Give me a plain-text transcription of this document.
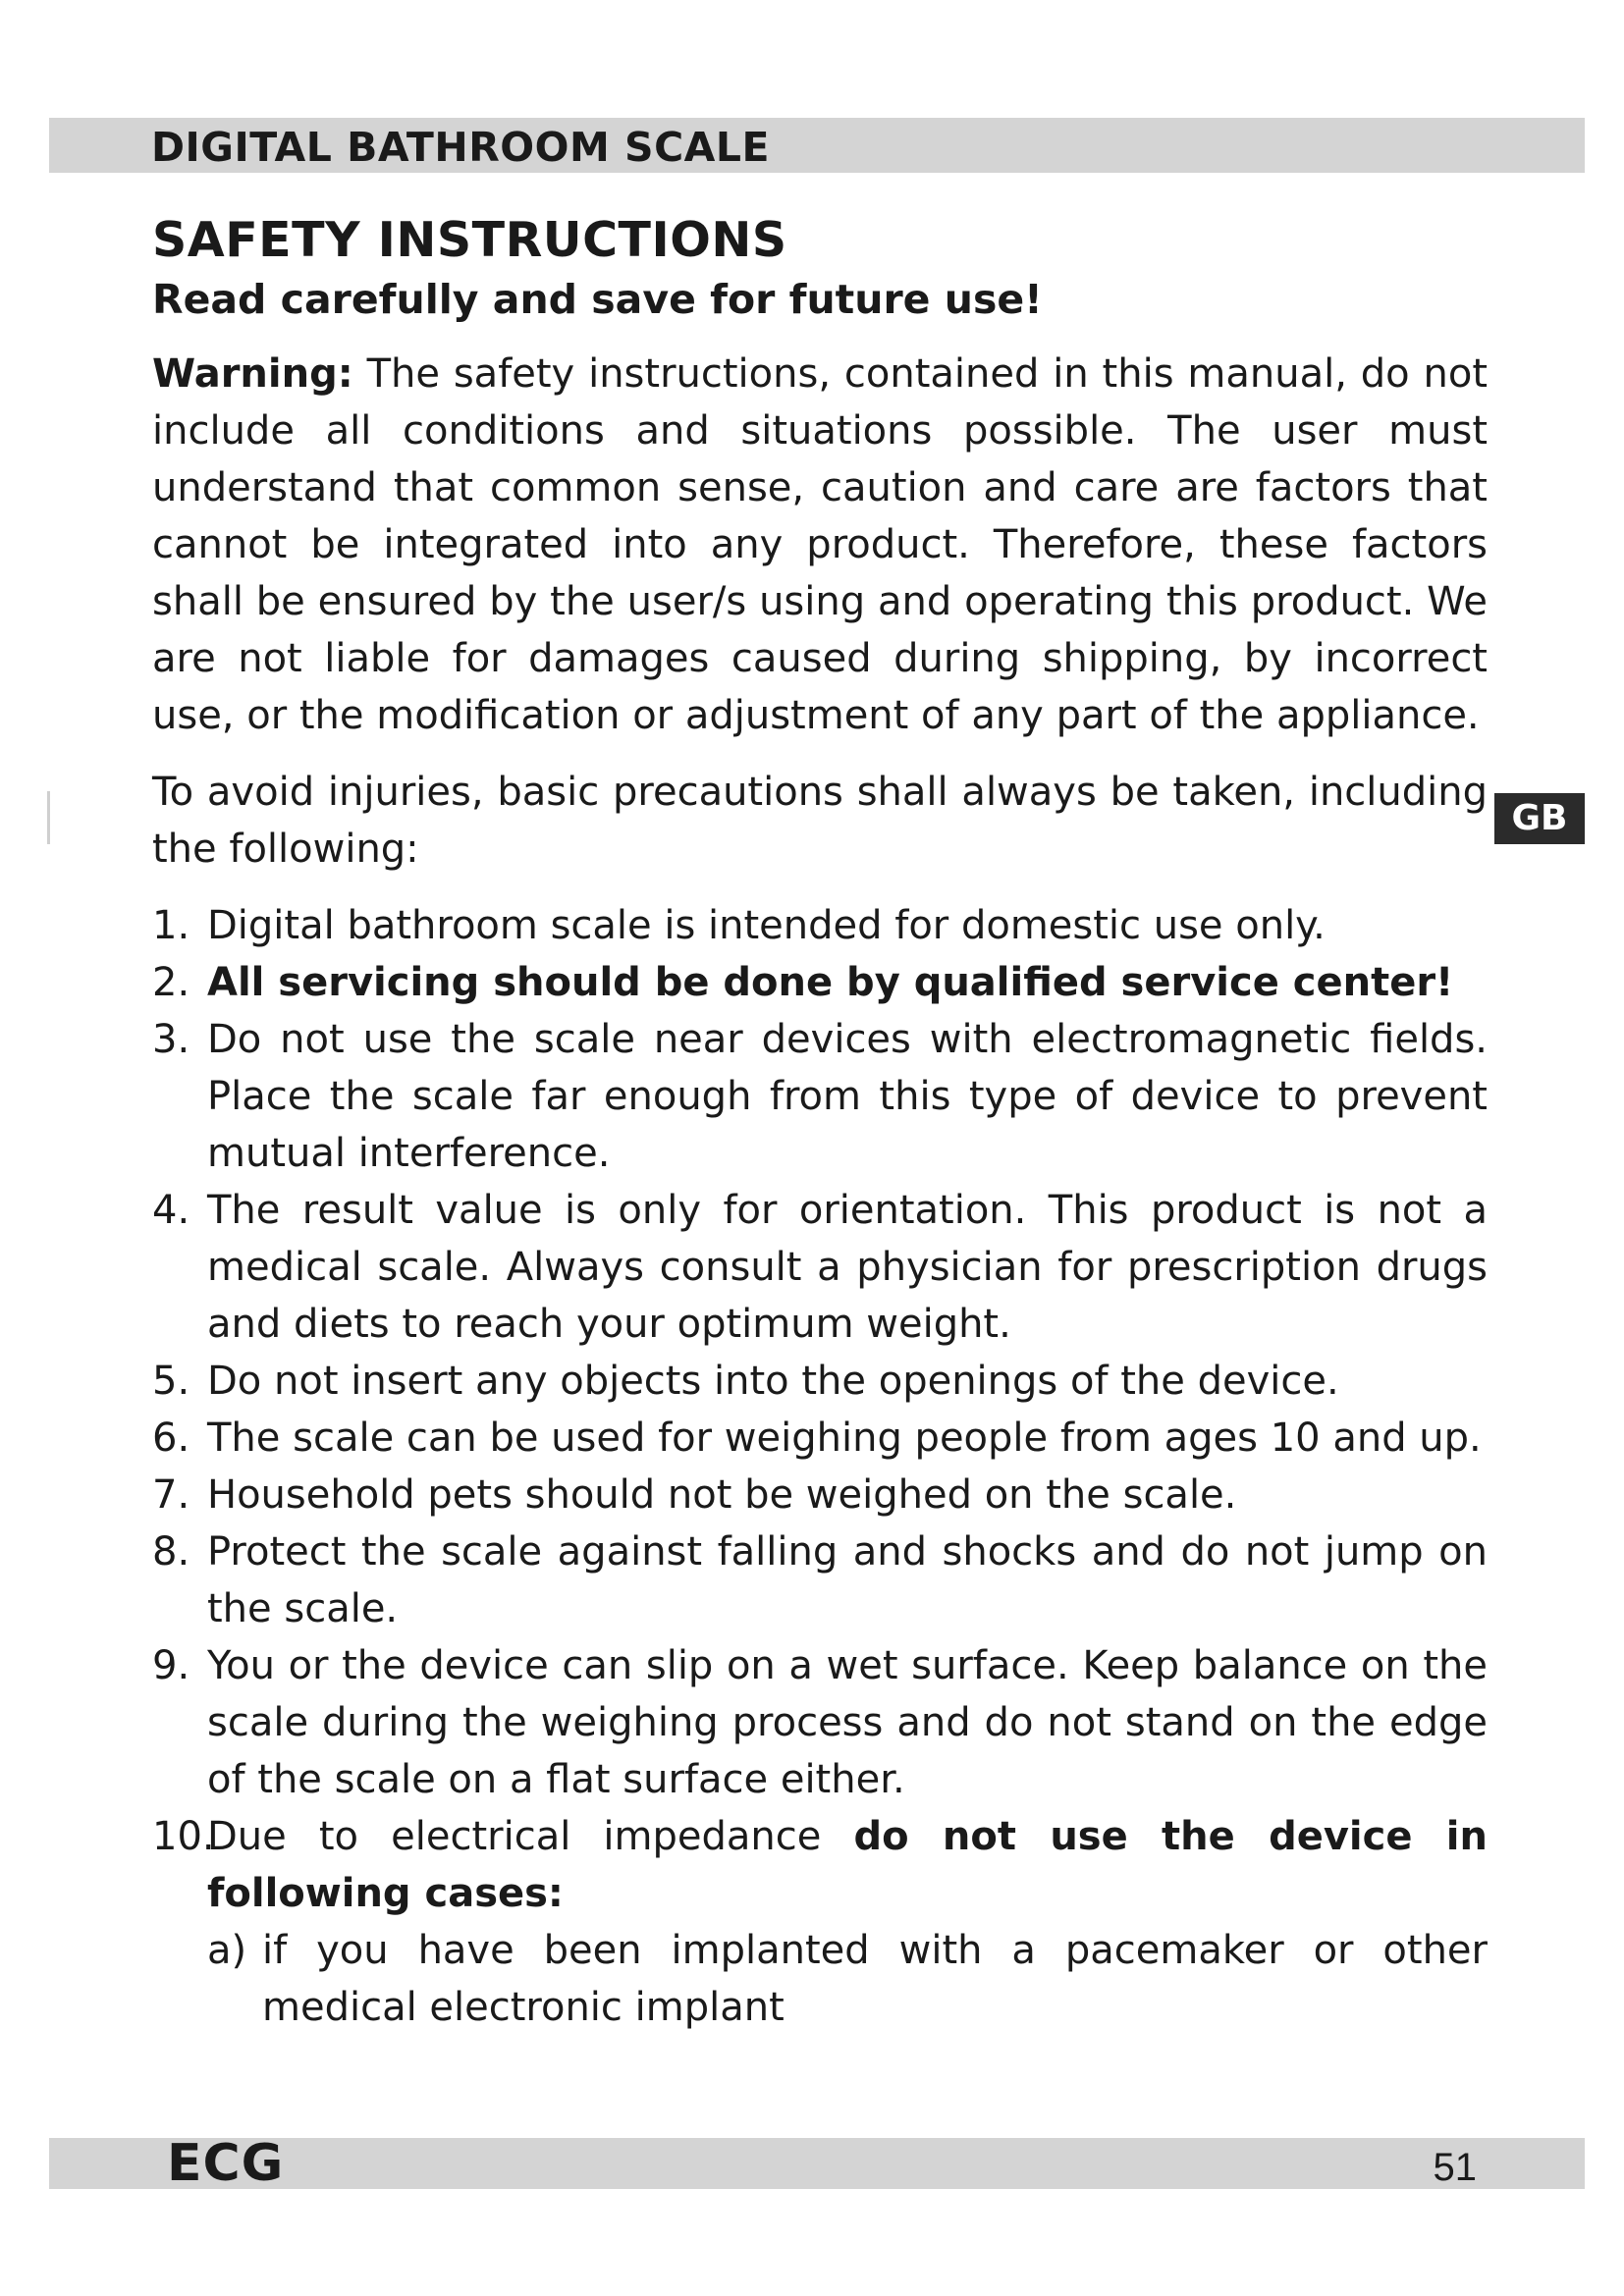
DIGITAL BATHROOM SCALE
GB
SAFETY INSTRUCTIONS
Read carefully and save for future use!

Warning: The safety instructions, contained in this manual, do not include all conditions and situations possible. The user must understand that common sense, caution and care are factors that cannot be integrated into any product. Therefore, these factors shall be ensured by the user/s using and operating this product. We are not liable for damages caused during shipping, by incorrect use, or the modification or adjustment of any part of the appliance.

To avoid injuries, basic precautions shall always be taken, including the following:

1. Digital bathroom scale is intended for domestic use only.
2. All servicing should be done by qualified service center!
3. Do not use the scale near devices with electromagnetic fields. Place the scale far enough from this type of device to prevent mutual interference.
4. The result value is only for orientation. This product is not a medical scale. Always consult a physician for prescription drugs and diets to reach your optimum weight.
5. Do not insert any objects into the openings of the device.
6. The scale can be used for weighing people from ages 10 and up.
7. Household pets should not be weighed on the scale.
8. Protect the scale against falling and shocks and do not jump on the scale.
9. You or the device can slip on a wet surface. Keep balance on the scale during the weighing process and do not stand on the edge of the scale on a flat surface either.
10.
Due to electrical impedance do not use the device in following cases:
a) if you have been implanted with a pacemaker or other medical electronic implant
ECG	51
